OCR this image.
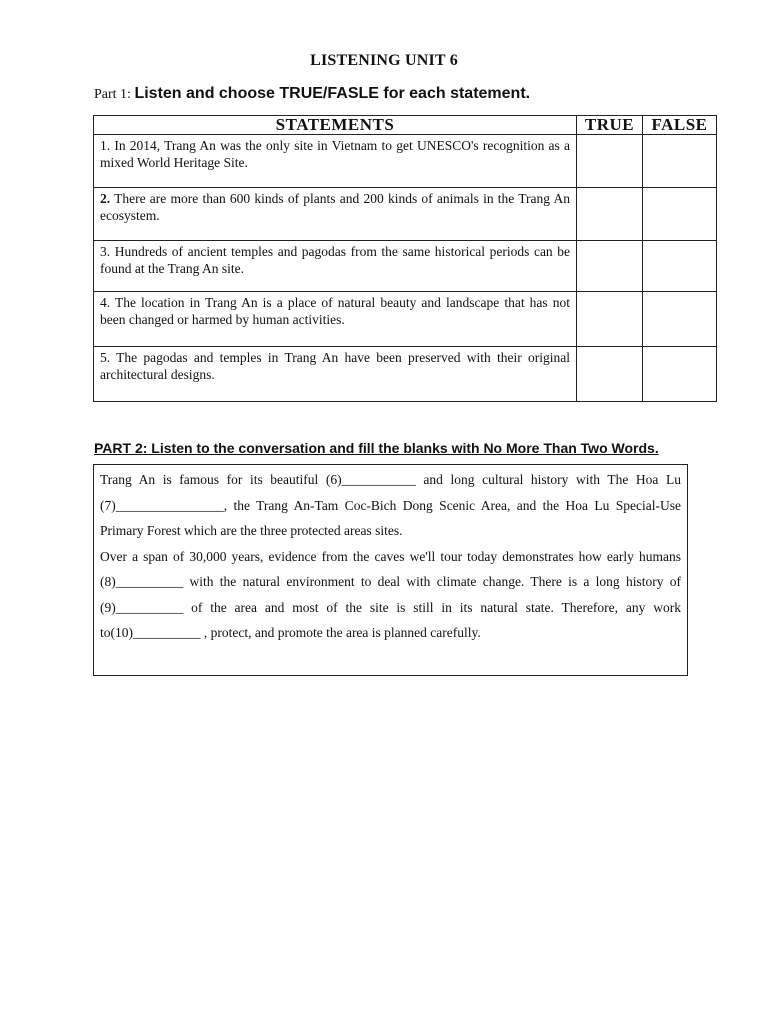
LISTENING UNIT 6
Part 1: Listen and choose TRUE/FASLE for each statement.
STATEMENTS	TRUE	FALSE
1. In 2014, Trang An was the only site in Vietnam to get UNESCO's recognition as a mixed World Heritage Site.		
2. There are more than 600 kinds of plants and 200 kinds of animals in the Trang An ecosystem.		
3. Hundreds of ancient temples and pagodas from the same historical periods can be found at the Trang An site.		
4. The location in Trang An is a place of natural beauty and landscape that has not been changed or harmed by human activities.		
5. The pagodas and temples in Trang An have been preserved with their original architectural designs.		
PART 2: Listen to the conversation and fill the blanks with No More Than Two Words.

Trang An is famous for its beautiful (6)___________ and long cultural history with The Hoa Lu (7)________________, the Trang An-Tam Coc-Bich Dong Scenic Area, and the Hoa Lu Special-Use Primary Forest which are the three protected areas sites.

Over a span of 30,000 years, evidence from the caves we'll tour today demonstrates how early humans (8)__________ with the natural environment to deal with climate change. There is a long history of (9)__________ of the area and most of the site is still in its natural state. Therefore, any work to(10)__________ , protect, and promote the area is planned carefully.
